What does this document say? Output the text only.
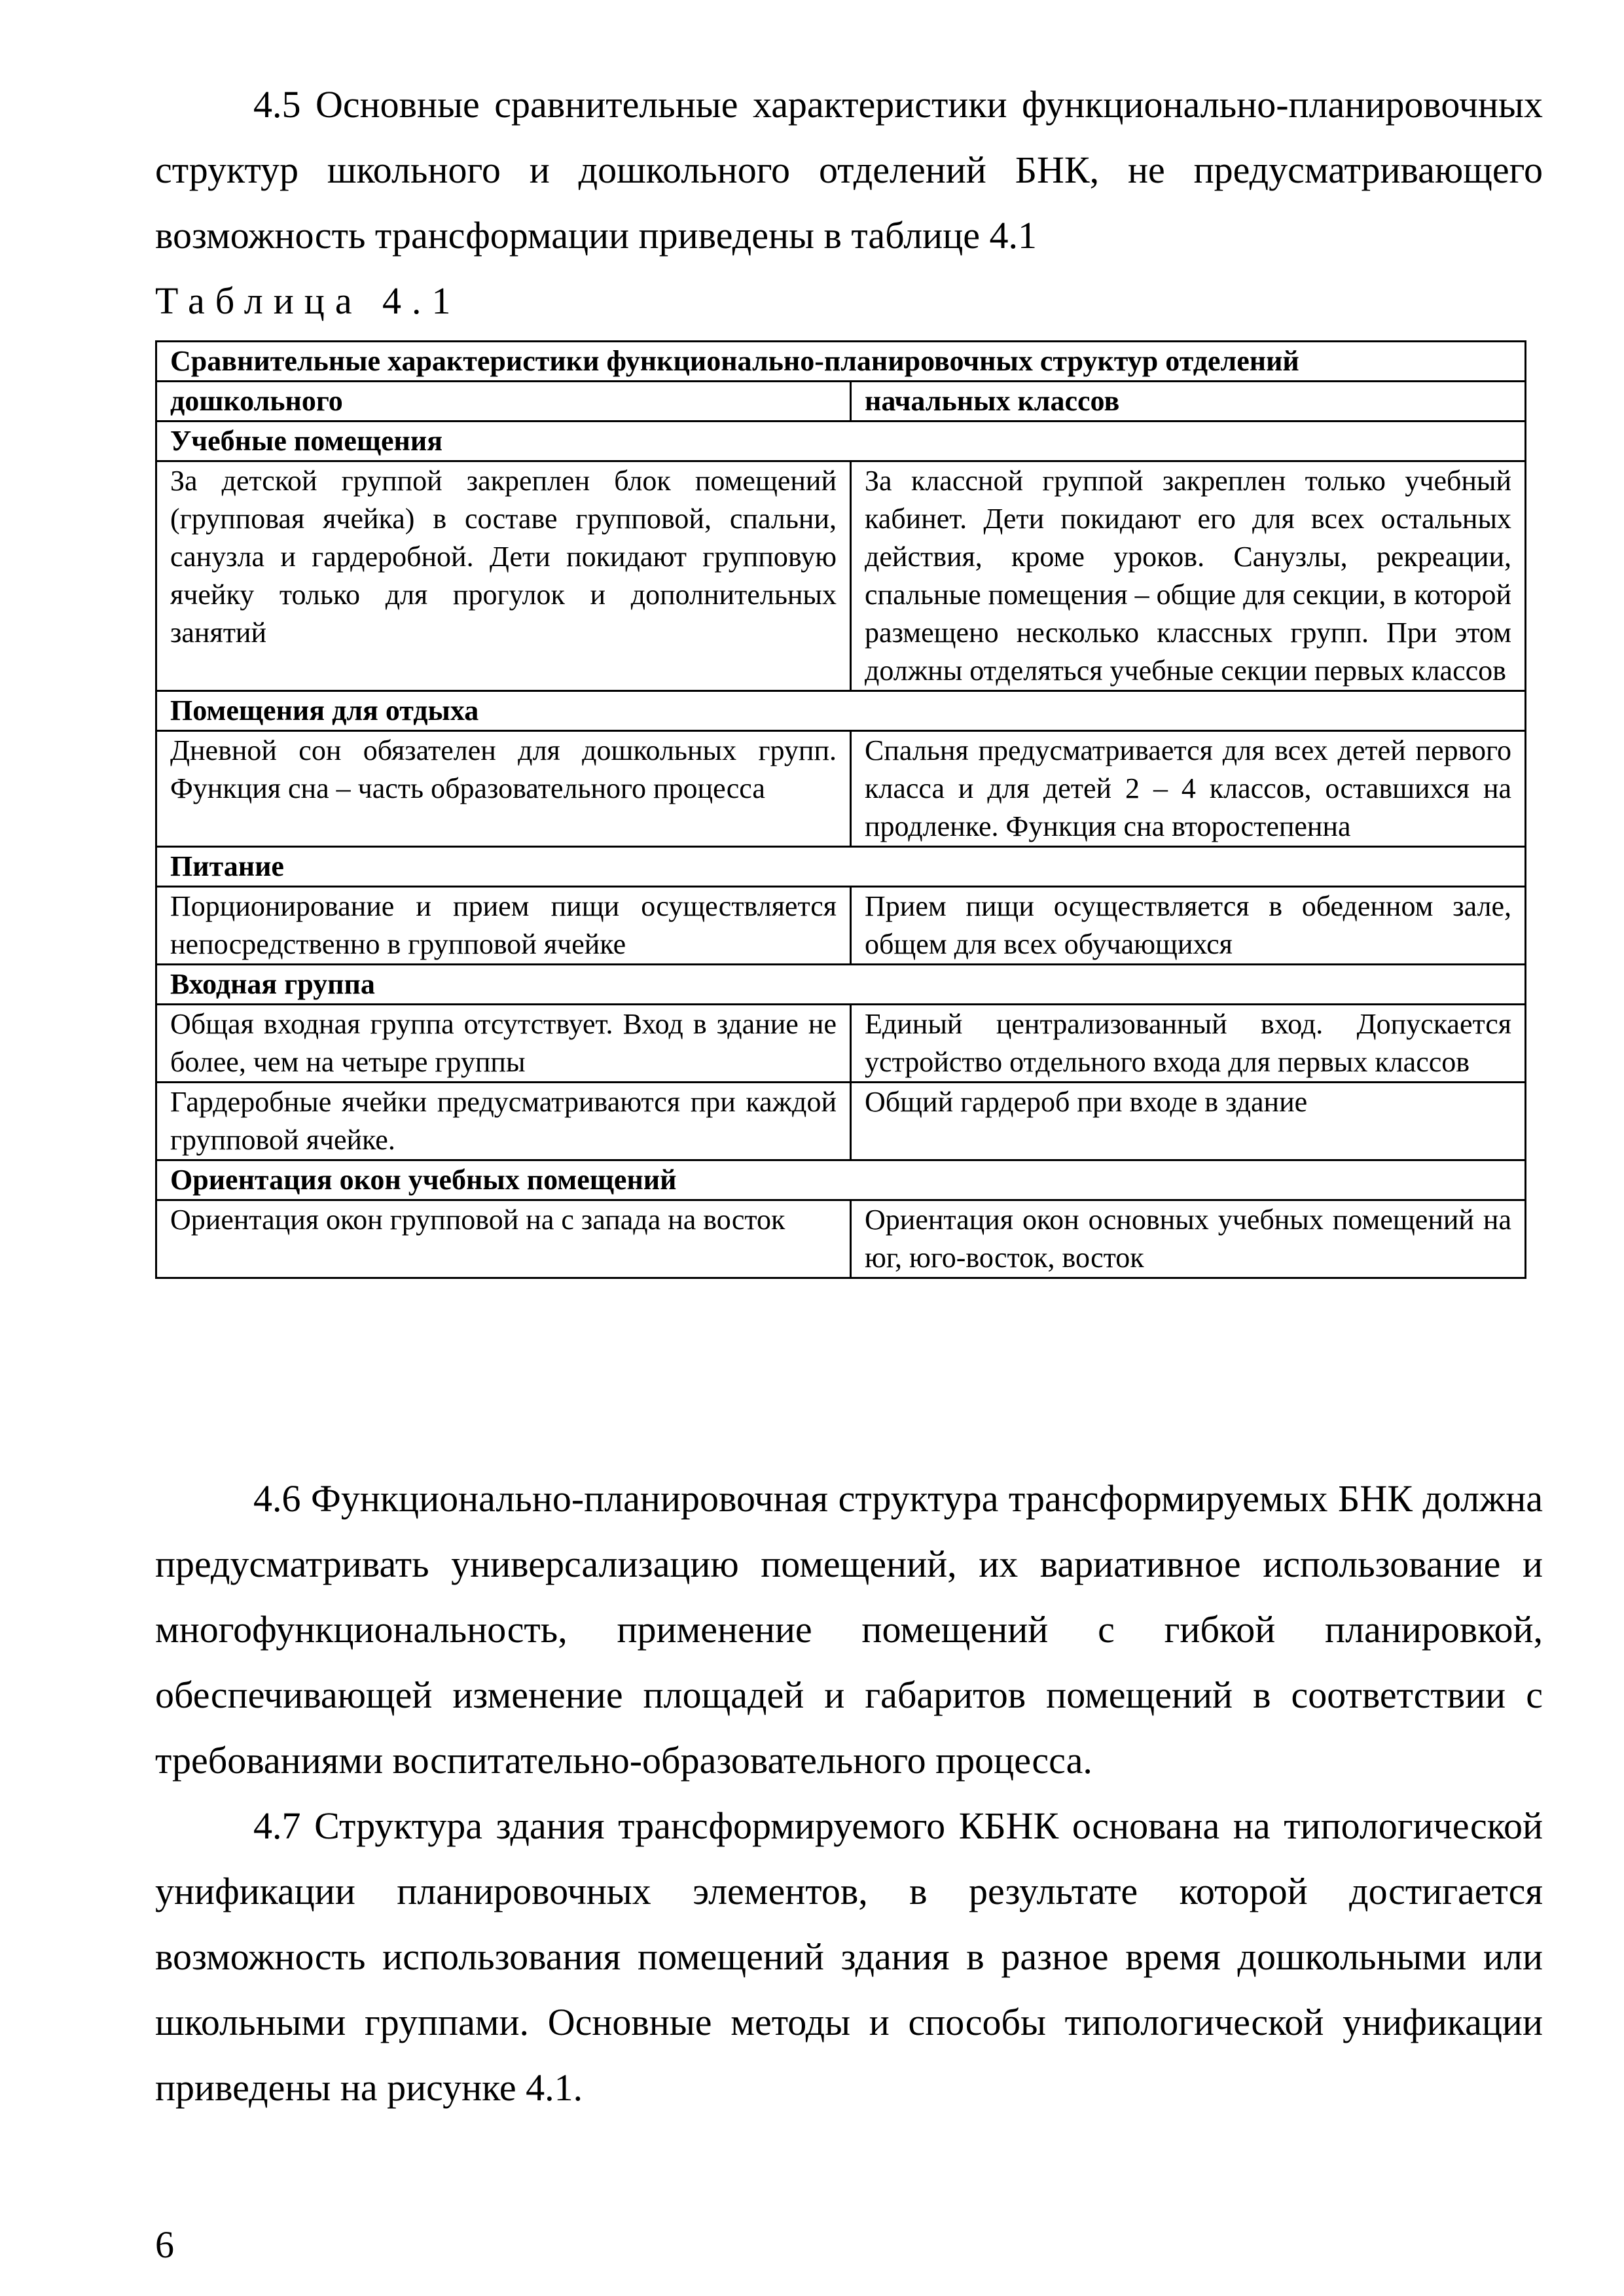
4.5 Основные сравнительные характеристики функционально-планировочных структур школьного и дошкольного отделений БНК, не предусматривающего возможность трансформации приведены в таблице 4.1

Таблица 4.1

Сравнительные характеристики функционально-планировочных структур отделений	
дошкольного	начальных классов
Учебные помещения	
За детской группой закреплен блок помещений (групповая ячейка) в составе групповой, спальни, санузла и гардеробной. Дети покидают групповую ячейку только для прогулок и дополнительных занятий	За классной группой закреплен только учебный кабинет. Дети покидают его для всех остальных действия, кроме уроков. Санузлы, рекреации, спальные помещения – общие для секции, в которой размещено несколько классных групп. При этом должны отделяться учебные секции первых классов
Помещения для отдыха	
Дневной сон обязателен для дошкольных групп. Функция сна – часть образовательного процесса	Спальня предусматривается для всех детей первого класса и для детей 2 – 4 классов, оставшихся на продленке. Функция сна второстепенна
Питание	
Порционирование и прием пищи осуществляется непосредственно в групповой ячейке	Прием пищи осуществляется в обеденном зале, общем для всех обучающихся
Входная группа	
Общая входная группа отсутствует. Вход в здание не более, чем на четыре группы	Единый централизованный вход. Допускается устройство отдельного входа для первых классов
Гардеробные ячейки предусматриваются при каждой групповой ячейке.	Общий гардероб при входе в здание
Ориентация окон учебных помещений	
Ориентация окон групповой на с запада на восток	Ориентация окон основных учебных помещений на юг, юго-восток, восток

4.6 Функционально-планировочная структура трансформируемых БНК должна предусматривать универсализацию помещений, их вариативное использование и многофункциональность, применение помещений с гибкой планировкой, обеспечивающей изменение площадей и габаритов помещений в соответствии с требованиями воспитательно-образовательного процесса.

4.7 Структура здания трансформируемого КБНК основана на типологической унификации планировочных элементов, в результате которой достигается возможность использования помещений здания в разное время дошкольными или школьными группами. Основные методы и способы типологической унификации приведены на рисунке 4.1.

6
